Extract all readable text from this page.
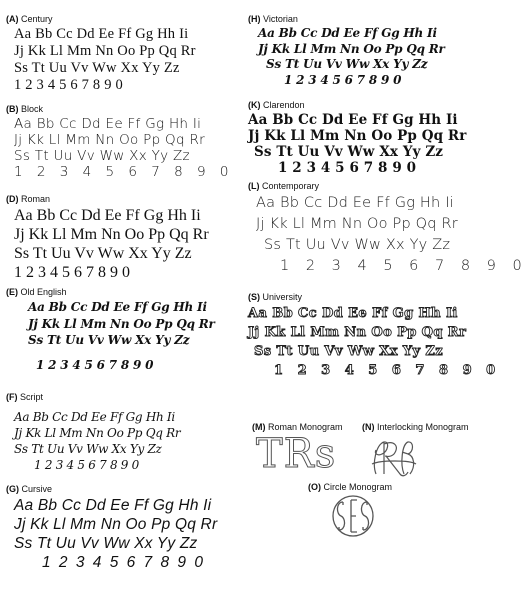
(A) Century
Aa Bb Cc Dd Ee Ff Gg Hh Ii
Jj Kk Ll Mm Nn Oo Pp Qq Rr
Ss Tt Uu Vv Ww Xx Yy Zz
1 2 3 4 5 6 7 8 9 0
(B) Block
Aa Bb Cc Dd Ee Ff Gg Hh Ii
Jj Kk Ll Mm Nn Oo Pp Qq Rr
Ss Tt Uu Vv Ww Xx Yy Zz
1 2 3 4 5 6 7 8 9 0
(D) Roman
Aa Bb Cc Dd Ee Ff Gg Hh Ii
Jj Kk Ll Mm Nn Oo Pp Qq Rr
Ss Tt Uu Vv Ww Xx Yy Zz
1 2 3 4 5 6 7 8 9 0
(E) Old English
Aa Bb Cc Dd Ee Ff Gg Hh Ii
Jj Kk Ll Mm Nn Oo Pp Qq Rr
Ss Tt Uu Vv Ww Xx Yy Zz
1 2 3 4 5 6 7 8 9 0
(F) Script
Aa Bb Cc Dd Ee Ff Gg Hh Ii
Jj Kk Ll Mm Nn Oo Pp Qq Rr
Ss Tt Uu Vv Ww Xx Yy Zz
1 2 3 4 5 6 7 8 9 0
(G) Cursive
Aa Bb Cc Dd Ee Ff Gg Hh Ii
Jj Kk Ll Mm Nn Oo Pp Qq Rr
Ss Tt Uu Vv Ww Xx Yy Zz
1 2 3 4 5 6 7 8 9 0
(H) Victorian
Aa Bb Cc Dd Ee Ff Gg Hh Ii
Jj Kk Ll Mm Nn Oo Pp Qq Rr
Ss Tt Uu Vv Ww Xx Yy Zz
1 2 3 4 5 6 7 8 9 0
(K) Clarendon
Aa Bb Cc Dd Ee Ff Gg Hh Ii
Jj Kk Ll Mm Nn Oo Pp Qq Rr
Ss Tt Uu Vv Ww Xx Yy Zz
1 2 3 4 5 6 7 8 9 0
(L) Contemporary
Aa Bb Cc Dd Ee Ff Gg Hh Ii
Jj Kk Ll Mm Nn Oo Pp Qq Rr
Ss Tt Uu Vv Ww Xx Yy Zz
1 2 3 4 5 6 7 8 9 0
(S) University
Aa Bb Cc Dd Ee Ff Gg Hh Ii
Jj Kk Ll Mm Nn Oo Pp Qq Rr
Ss Tt Uu Vv Ww Xx Yy Zz
1 2 3 4 5 6 7 8 9 0
(M) Roman Monogram
TRs
(N) Interlocking Monogram
(O) Circle Monogram
